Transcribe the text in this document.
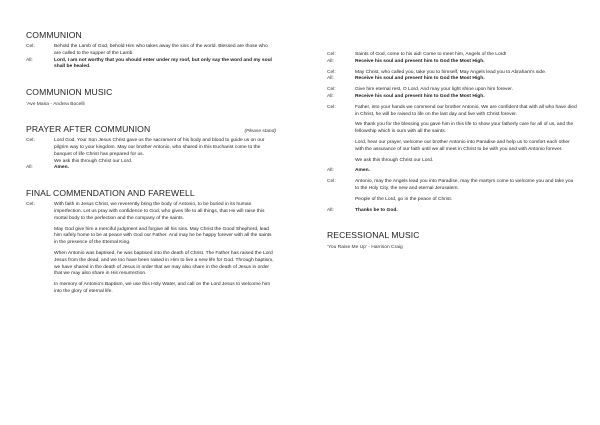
COMMUNION
Cel:	Behold the Lamb of God, behold Him who takes away the sins of the world. Blessed are those who are called to the supper of the Lamb.
All:	Lord, I am not worthy that you should enter under my roof, but only say the word and my soul shall be healed.
COMMUNION MUSIC
‘Ave Maria - Andrea Bocelli
PRAYER AFTER COMMUNION	(Please stand)
Cel:	Lord God, Your Son Jesus Christ gave us the sacrament of his body and blood to guide us on our pilgrim way to your kingdom. May our brother Antonio, who shared in this Eucharist come to the banquet of life Christ has prepared for us.
We ask this through Christ our Lord.
All:	Amen.
FINAL COMMENDATION AND FAREWELL
Cel:	With faith in Jesus Christ, we reverently bring the body of Antonio, to be buried in its human imperfection. Let us pray with confidence to God, who gives life to all things, that He will raise this mortal body to the perfection and the company of the saints.
May God give him a merciful judgment and forgive all his sins. May Christ the Good Shepherd, lead him safely home to be at peace with God our Father. And may he be happy forever with all the saints in the presence of the Eternal King.
When Antonio was baptised, he was baptised into the death of Christ. The Father has raised the Lord Jesus from the dead, and we too have been raised in Him to live a new life for God. Through baptism, we have shared in the death of Jesus in order that we may also share in the death of Jesus in order that we may also share in His resurrection.
In memory of Antonio's Baptism, we use this Holy Water, and call on the Lord Jesus to welcome him into the glory of eternal life.
Cel:	Saints of God, come to his aid! Come to meet him, Angels of the Lord!
All:	Receive his soul and present him to God the Most High.
Cel:	May Christ, who called you, take you to himself, May Angels lead you to Abraham's side.
All:	Receive his soul and present him to God the Most High.
Cel:	Give him eternal rest, O Lord, And may your light shine upon him forever.
All:	Receive his soul and present him to God the Most High.
Cel:	Father, into your hands we commend our brother Antonio. We are confident that with all who have died in Christ, he will be raised to life on the last day and live with Christ forever.
We thank you for the blessing you gave him in this life to show your fatherly care for all of us, and the fellowship which is ours with all the saints.
Lord, hear our prayer, welcome our brother Antonio into Paradise and help us to comfort each other with the assurance of our faith until we all meet in Christ to be with you and with Antonio forever.
We ask this through Christ our Lord.
All:	Amen.
Cel:	Antonio, may the Angels lead you into Paradise, may the martyrs come to welcome you and take you to the Holy City, the new and eternal Jerusalem.
People of the Lord, go in the peace of Christ.
All:	Thanks be to God.
RECESSIONAL MUSIC
‘You Raise Me Up’ - Harrison Craig
